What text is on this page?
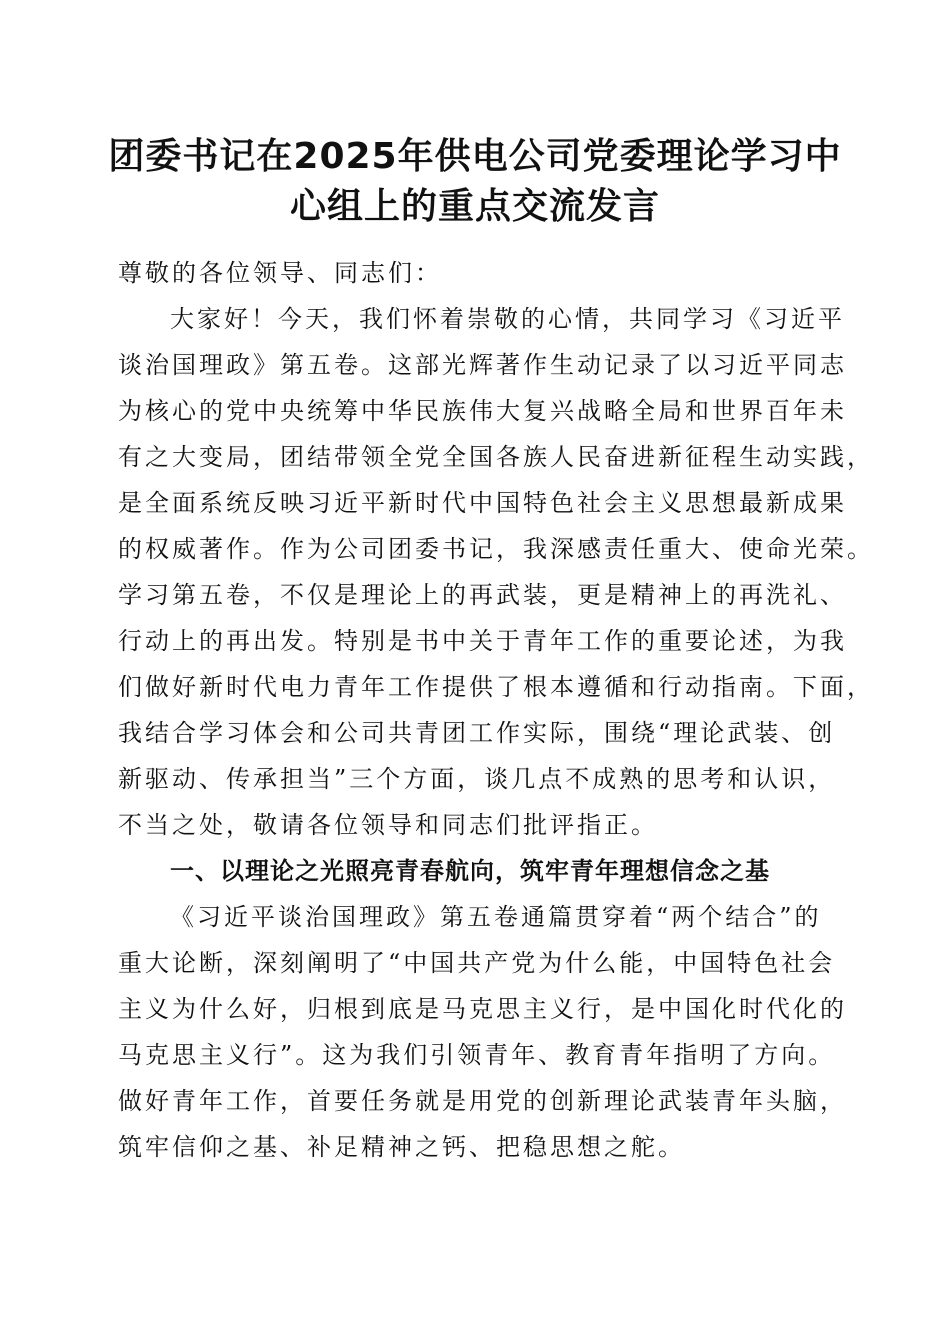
团委书记在2025年供电公司党委理论学习中
心组上的重点交流发言
尊敬的各位领导、同志们：
大家好！今天，我们怀着崇敬的心情，共同学习《习近平
谈治国理政》第五卷。这部光辉著作生动记录了以习近平同志
为核心的党中央统筹中华民族伟大复兴战略全局和世界百年未
有之大变局，团结带领全党全国各族人民奋进新征程生动实践，
是全面系统反映习近平新时代中国特色社会主义思想最新成果
的权威著作。作为公司团委书记，我深感责任重大、使命光荣。
学习第五卷，不仅是理论上的再武装，更是精神上的再洗礼、
行动上的再出发。特别是书中关于青年工作的重要论述，为我
们做好新时代电力青年工作提供了根本遵循和行动指南。下面，
我结合学习体会和公司共青团工作实际，围绕“理论武装、创
新驱动、传承担当”三个方面，谈几点不成熟的思考和认识，
不当之处，敬请各位领导和同志们批评指正。
一、以理论之光照亮青春航向，筑牢青年理想信念之基
《习近平谈治国理政》第五卷通篇贯穿着“两个结合”的
重大论断，深刻阐明了“中国共产党为什么能，中国特色社会
主义为什么好，归根到底是马克思主义行，是中国化时代化的
马克思主义行”。这为我们引领青年、教育青年指明了方向。
做好青年工作，首要任务就是用党的创新理论武装青年头脑，
筑牢信仰之基、补足精神之钙、把稳思想之舵。
